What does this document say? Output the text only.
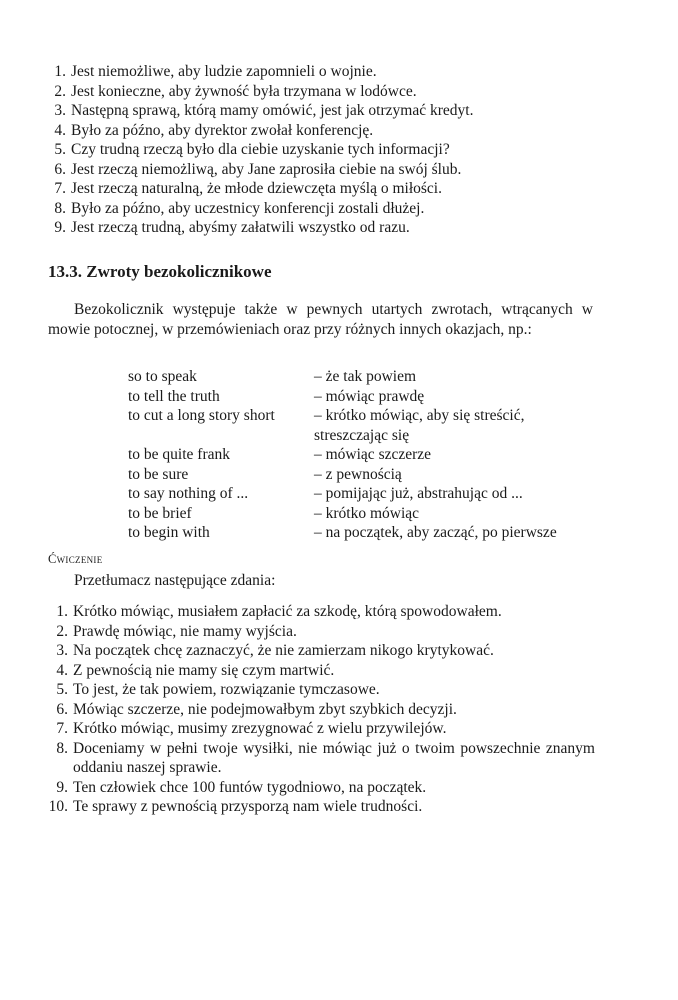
1. Jest niemożliwe, aby ludzie zapomnieli o wojnie.
2. Jest konieczne, aby żywność była trzymana w lodówce.
3. Następną sprawą, którą mamy omówić, jest jak otrzymać kredyt.
4. Było za późno, aby dyrektor zwołał konferencję.
5. Czy trudną rzeczą było dla ciebie uzyskanie tych informacji?
6. Jest rzeczą niemożliwą, aby Jane zaprosiła ciebie na swój ślub.
7. Jest rzeczą naturalną, że młode dziewczęta myślą o miłości.
8. Było za późno, aby uczestnicy konferencji zostali dłużej.
9. Jest rzeczą trudną, abyśmy załatwili wszystko od razu.
13.3. Zwroty bezokolicznikowe
Bezokolicznik występuje także w pewnych utartych zwrotach, wtrącanych w mowie potocznej, w przemówieniach oraz przy różnych innych okazjach, np.:
so to speak	– że tak powiem
to tell the truth	– mówiąc prawdę
to cut a long story short	– krótko mówiąc, aby się streścić, streszczając się
to be quite frank	– mówiąc szczerze
to be sure	– z pewnością
to say nothing of ...	– pomijając już, abstrahując od ...
to be brief	– krótko mówiąc
to begin with	– na początek, aby zacząć, po pierwsze
Ćwiczenie
Przetłumacz następujące zdania:
1. Krótko mówiąc, musiałem zapłacić za szkodę, którą spowodowałem.
2. Prawdę mówiąc, nie mamy wyjścia.
3. Na początek chcę zaznaczyć, że nie zamierzam nikogo krytykować.
4. Z pewnością nie mamy się czym martwić.
5. To jest, że tak powiem, rozwiązanie tymczasowe.
6. Mówiąc szczerze, nie podejmowałbym zbyt szybkich decyzji.
7. Krótko mówiąc, musimy zrezygnować z wielu przywilejów.
8. Doceniamy w pełni twoje wysiłki, nie mówiąc już o twoim powszechnie znanym oddaniu naszej sprawie.
9. Ten człowiek chce 100 funtów tygodniowo, na początek.
10. Te sprawy z pewnością przysporzą nam wiele trudności.
